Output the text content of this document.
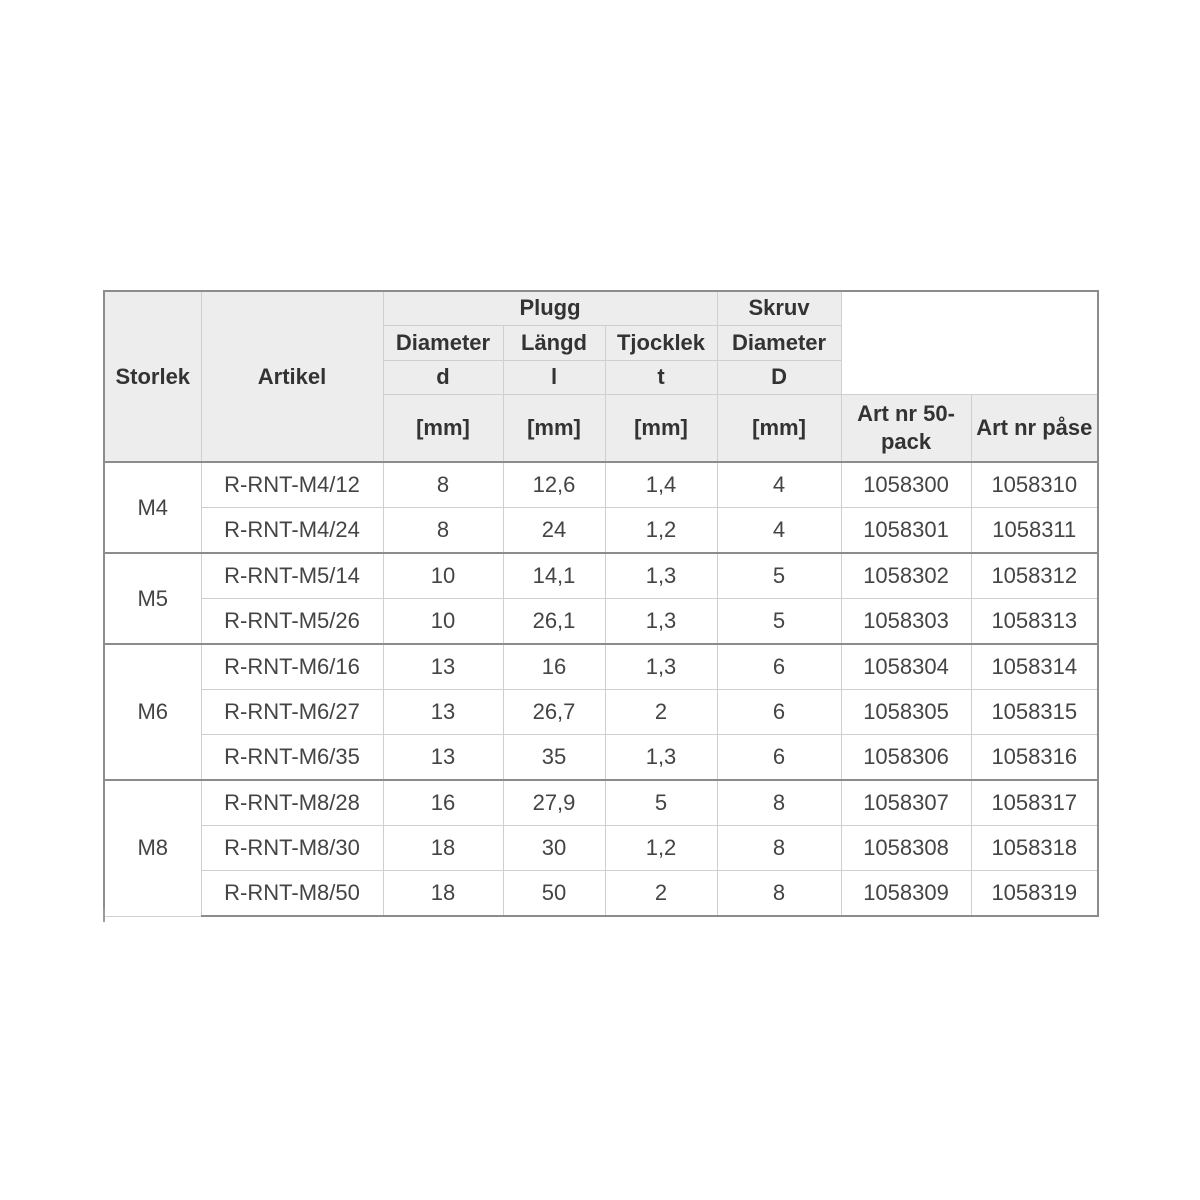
Storlek	Artikel	Plugg			Skruv		
		Diameter	Längd	Tjocklek	Diameter		
		d	l	t	D		
		[mm]	[mm]	[mm]	[mm]	Art nr 50-pack	Art nr påse
M4	R-RNT-M4/12	8	12,6	1,4	4	1058300	1058310
	R-RNT-M4/24	8	24	1,2	4	1058301	1058311
M5	R-RNT-M5/14	10	14,1	1,3	5	1058302	1058312
	R-RNT-M5/26	10	26,1	1,3	5	1058303	1058313
M6	R-RNT-M6/16	13	16	1,3	6	1058304	1058314
	R-RNT-M6/27	13	26,7	2	6	1058305	1058315
	R-RNT-M6/35	13	35	1,3	6	1058306	1058316
M8	R-RNT-M8/28	16	27,9	5	8	1058307	1058317
	R-RNT-M8/30	18	30	1,2	8	1058308	1058318
	R-RNT-M8/50	18	50	2	8	1058309	1058319
